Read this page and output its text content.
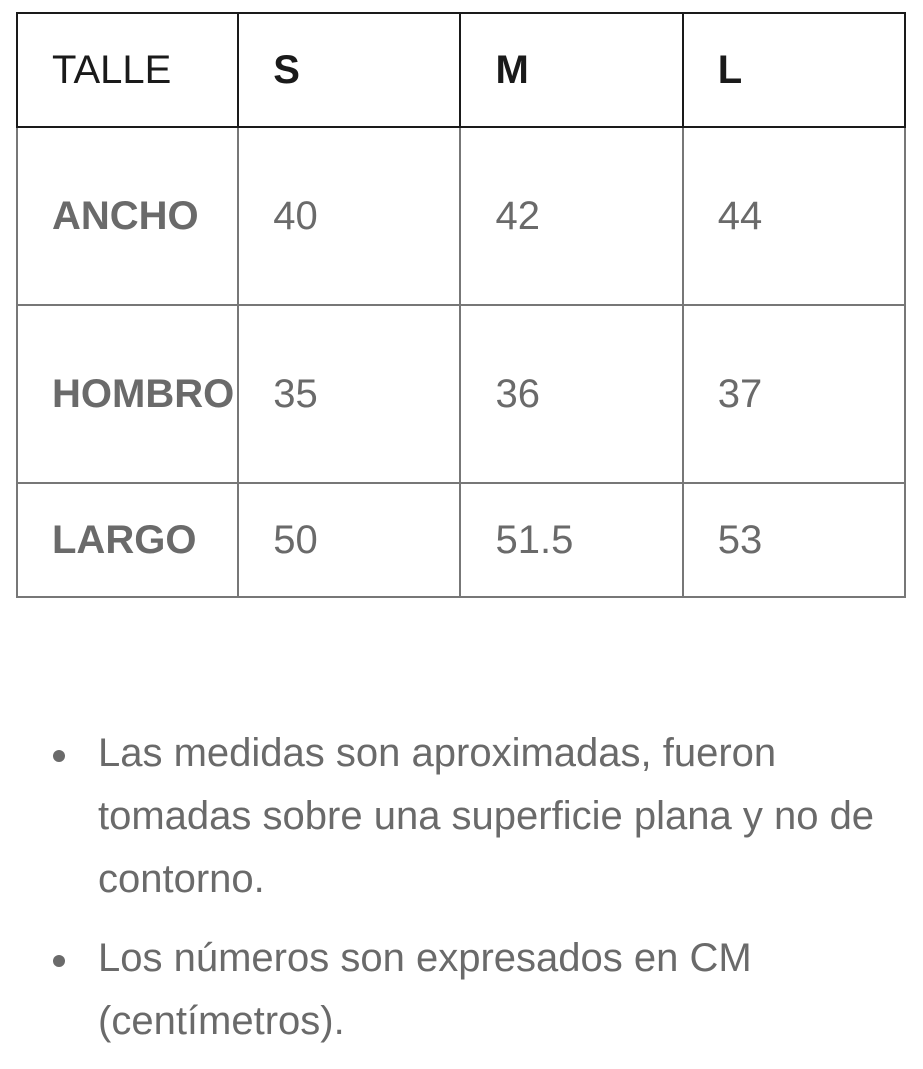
TALLE	S	M	L
ANCHO	40	42	44
HOMBRO	35	36	37
LARGO	50	51.5	53
Las medidas son aproximadas, fueron tomadas sobre una superficie plana y no de contorno.
Los números son expresados en CM (centímetros).
